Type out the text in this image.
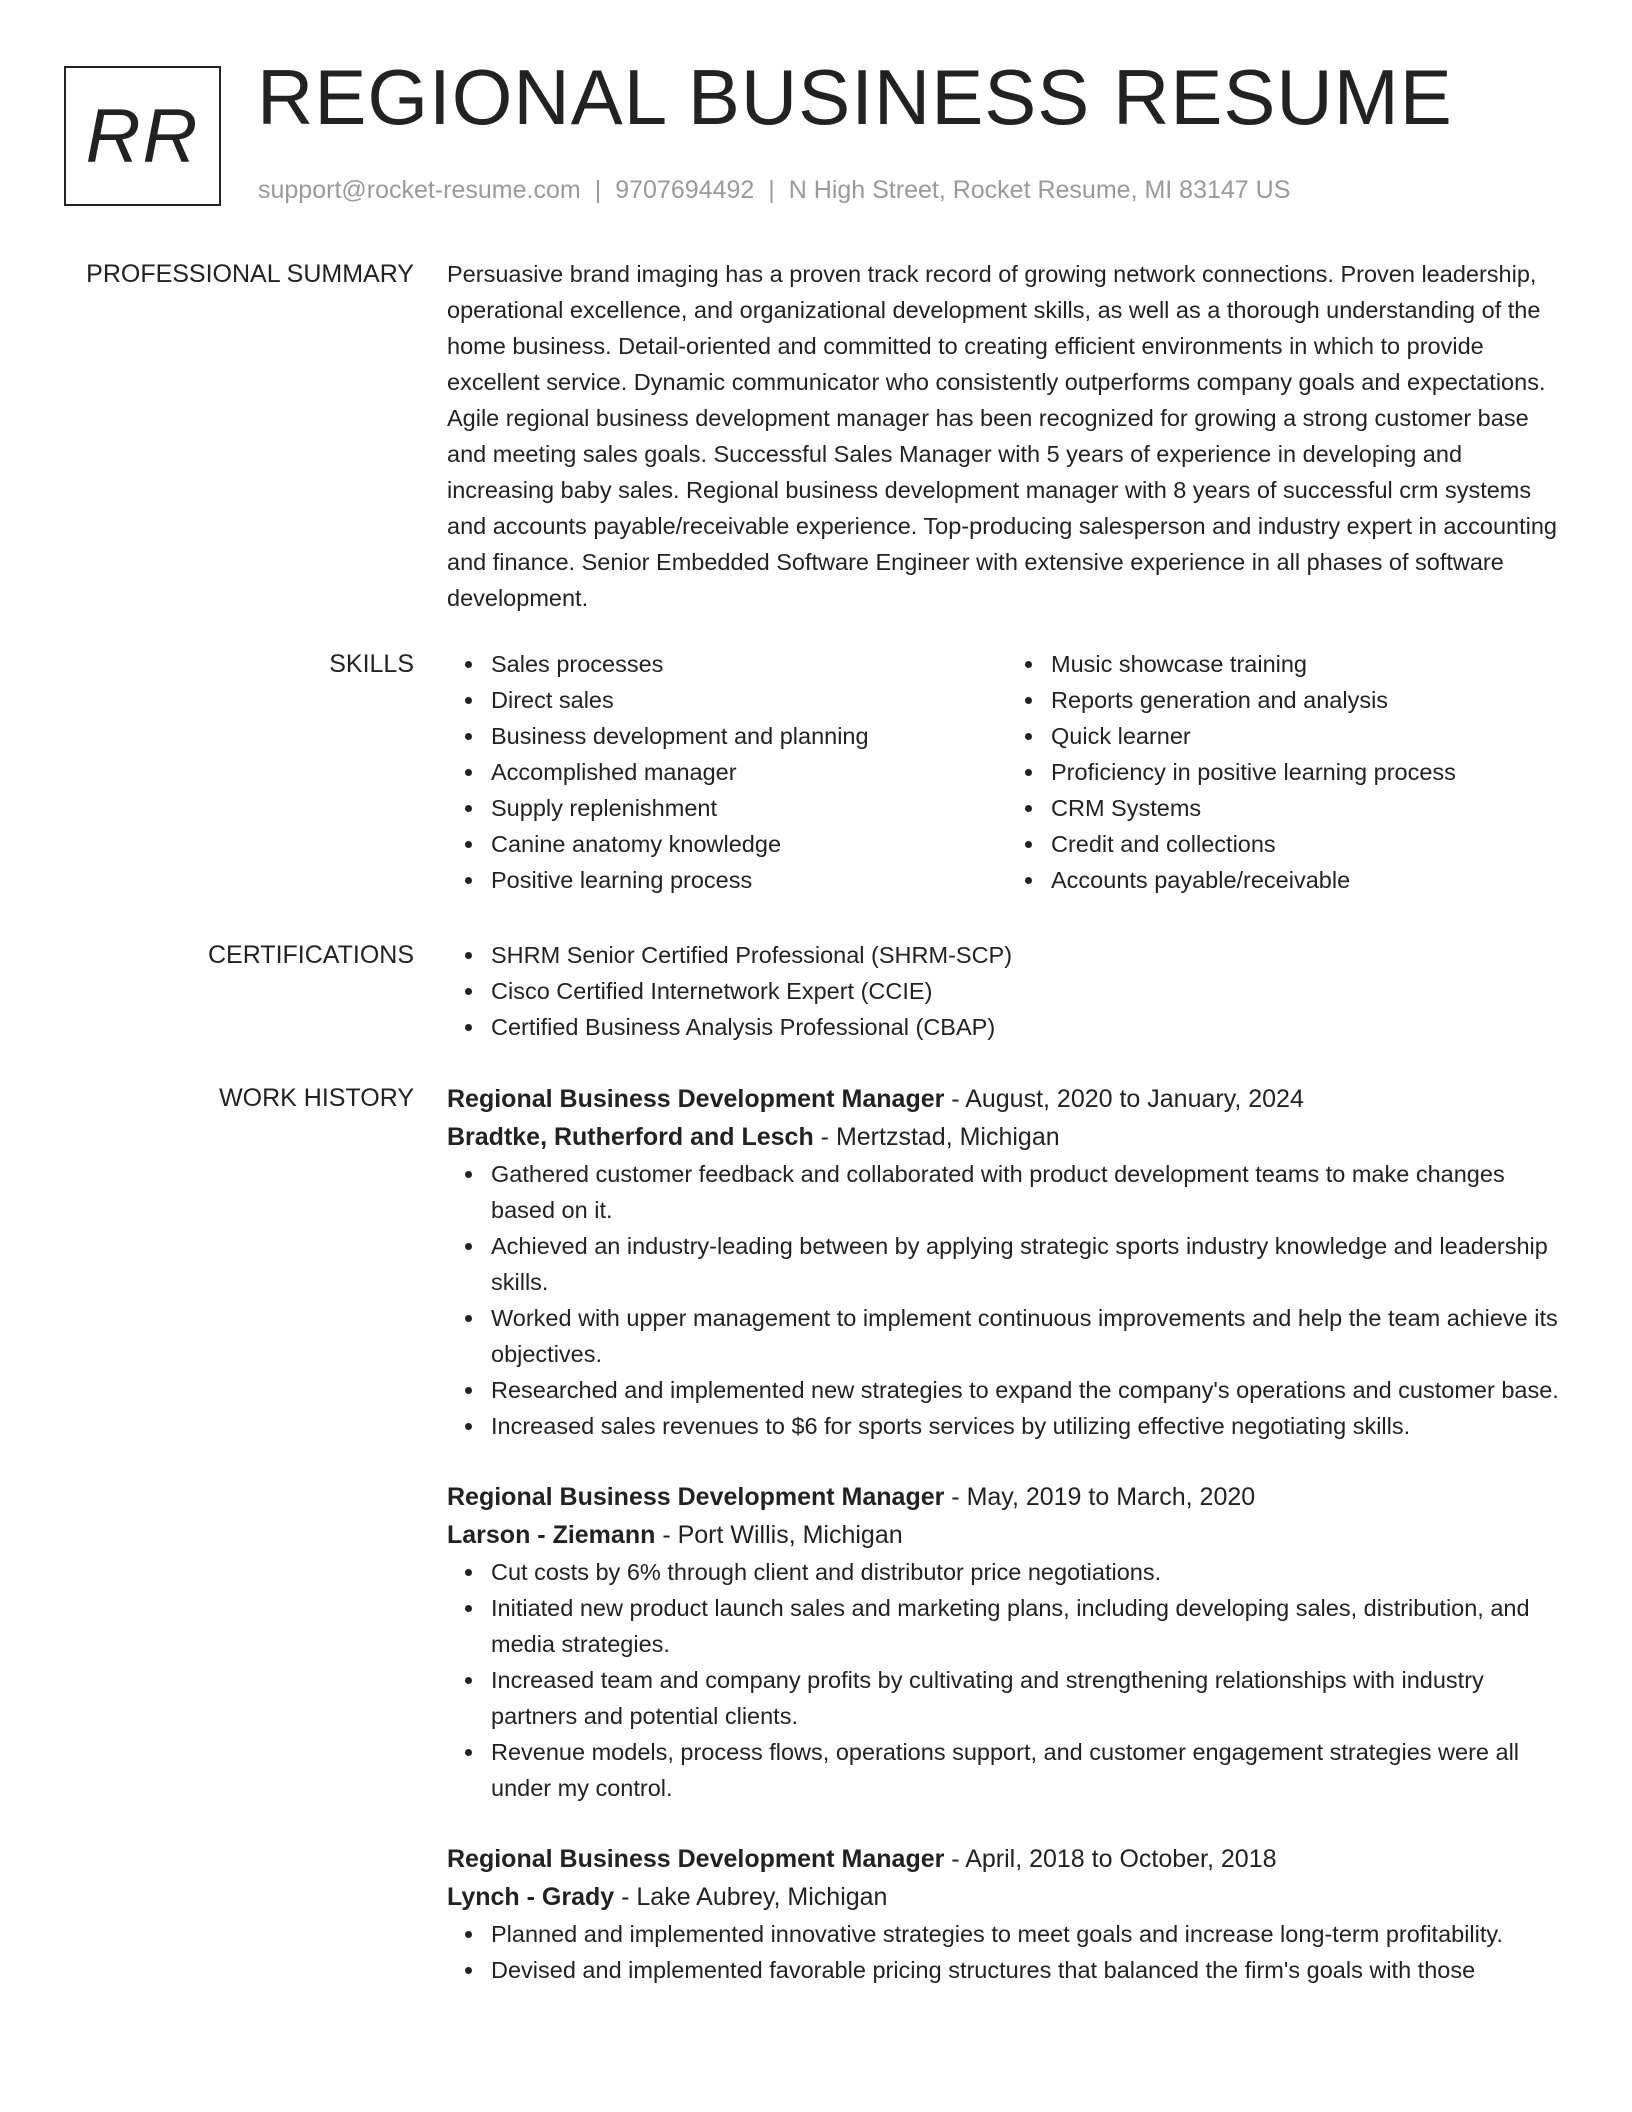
RR REGIONAL BUSINESS RESUME
support@rocket-resume.com | 9707694492 | N High Street, Rocket Resume, MI 83147 US
PROFESSIONAL SUMMARY Persuasive brand imaging has a proven track record of growing network connections. Proven leadership, operational excellence, and organizational development skills, as well as a thorough understanding of the home business. Detail-oriented and committed to creating efficient environments in which to provide excellent service. Dynamic communicator who consistently outperforms company goals and expectations. Agile regional business development manager has been recognized for growing a strong customer base and meeting sales goals. Successful Sales Manager with 5 years of experience in developing and increasing baby sales. Regional business development manager with 8 years of successful crm systems and accounts payable/receivable experience. Top-producing salesperson and industry expert in accounting and finance. Senior Embedded Software Engineer with extensive experience in all phases of software development.
SKILLS	Sales processes
Direct sales
Business development and planning
Accomplished manager
Supply replenishment
Canine anatomy knowledge
Positive learning process
Music showcase training
Reports generation and analysis
Quick learner
Proficiency in positive learning process
CRM Systems
Credit and collections
Accounts payable/receivable
CERTIFICATIONS	SHRM Senior Certified Professional (SHRM-SCP)
Cisco Certified Internetwork Expert (CCIE)
Certified Business Analysis Professional (CBAP)
WORK HISTORY Regional Business Development Manager - August, 2020 to January, 2024
Bradtke, Rutherford and Lesch - Mertzstad, Michigan
Gathered customer feedback and collaborated with product development teams to make changes based on it.
Achieved an industry-leading between by applying strategic sports industry knowledge and leadership skills.
Worked with upper management to implement continuous improvements and help the team achieve its objectives.
Researched and implemented new strategies to expand the company's operations and customer base.
Increased sales revenues to $6 for sports services by utilizing effective negotiating skills.
Regional Business Development Manager - May, 2019 to March, 2020
Larson - Ziemann - Port Willis, Michigan
Cut costs by 6% through client and distributor price negotiations.
Initiated new product launch sales and marketing plans, including developing sales, distribution, and media strategies.
Increased team and company profits by cultivating and strengthening relationships with industry partners and potential clients.
Revenue models, process flows, operations support, and customer engagement strategies were all under my control.
Regional Business Development Manager - April, 2018 to October, 2018
Lynch - Grady - Lake Aubrey, Michigan
Planned and implemented innovative strategies to meet goals and increase long-term profitability.
Devised and implemented favorable pricing structures that balanced the firm's goals with those
